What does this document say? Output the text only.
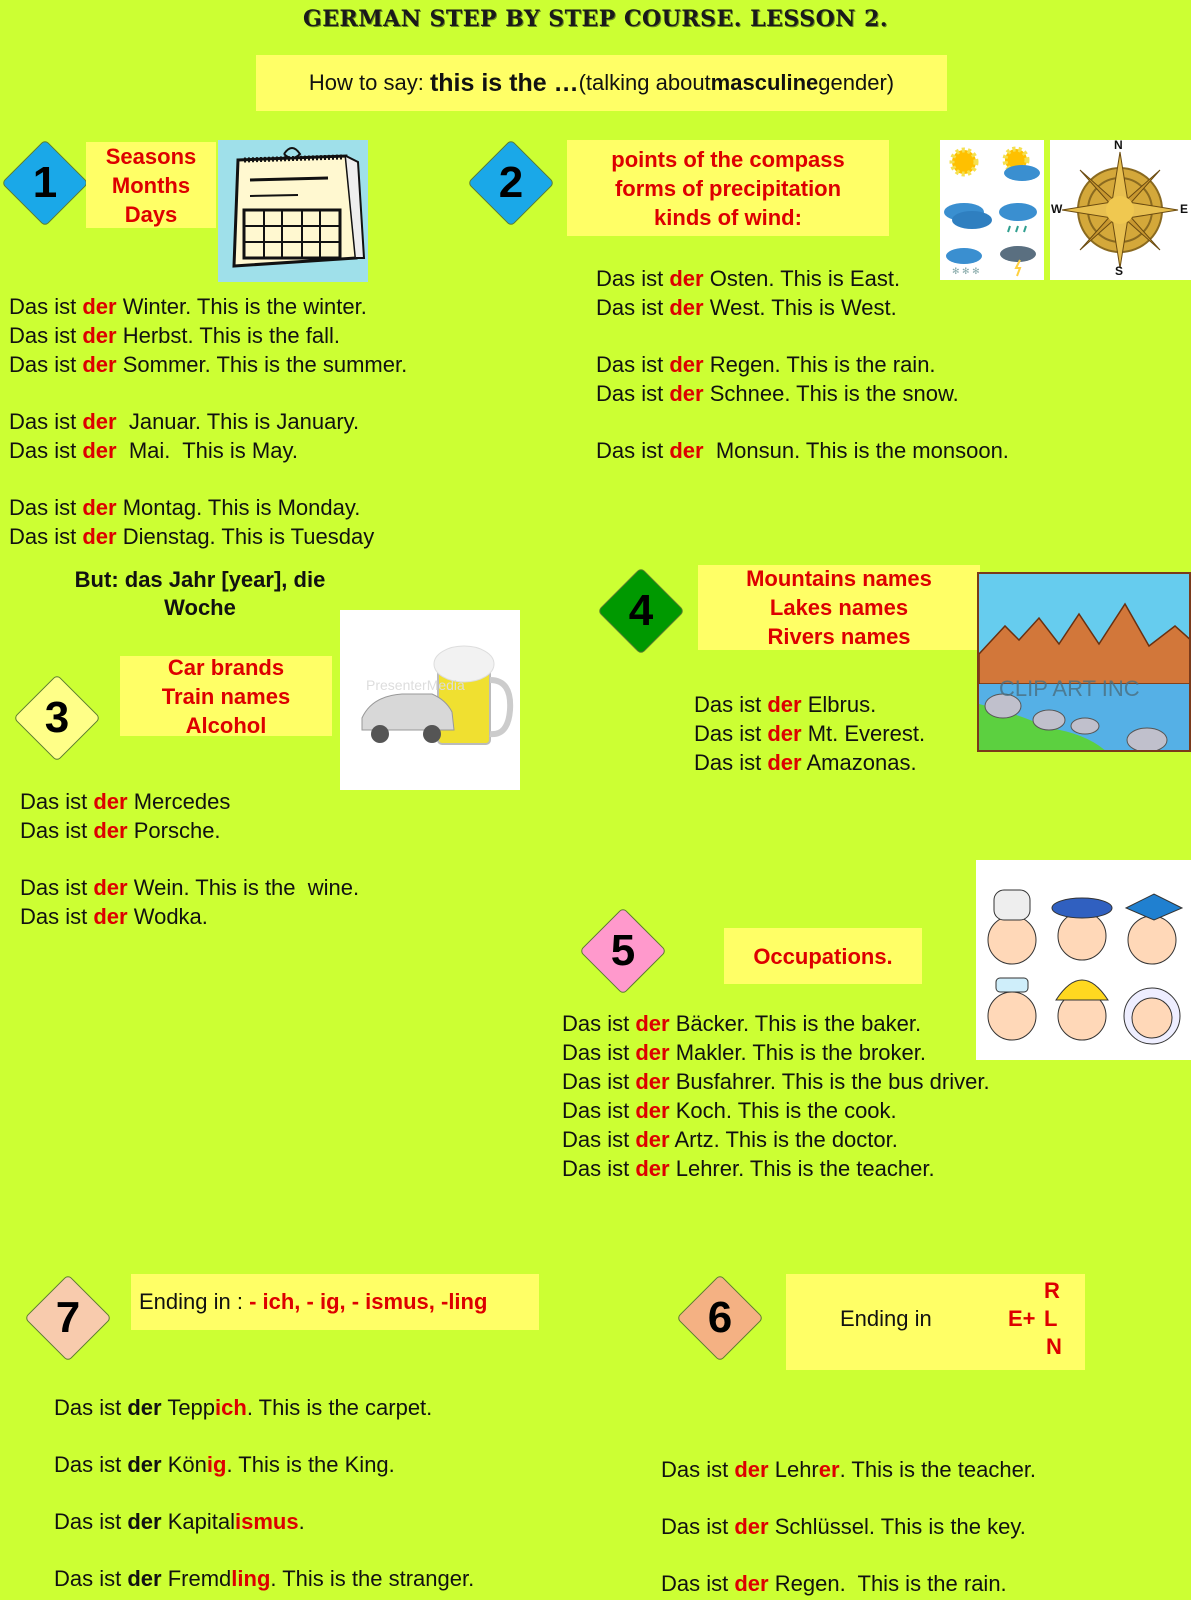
GERMAN STEP BY STEP COURSE. LESSON 2.
How to say:
this is the … (talking about masculine gender)
1
Seasons
Months
Days
Das ist der Winter. This is the winter.
Das ist der Herbst. This is the fall.
Das ist der Sommer. This is the summer.
Das ist der  Januar. This is January.
Das ist der  Mai.  This is May.
Das ist der Montag. This is Monday.
Das ist der Dienstag. This is Tuesday
But: das Jahr [year], die
Woche
2	points of the compass
forms of precipitation
kinds of wind:
✻ ✻ ✻
N
S
W	E
Das ist der Osten. This is East.
Das ist der West. This is West.
Das ist der Regen. This is the rain.
Das ist der Schnee. This is the snow.
Das ist der  Monsun. This is the monsoon.
3
Car brands
Train names
Alcohol
PresenterMedia
Das ist der Mercedes
Das ist der Porsche.
Das ist der Wein. This is the  wine.
Das ist der Wodka.
4
Mountains names
Lakes names
Rivers names
CLIP ART INC
Das ist der Elbrus.
Das ist der Mt. Everest.
Das ist der Amazonas.
5	Occupations.
Das ist der Bäcker. This is the baker.
Das ist der Makler. This is the broker.
Das ist der Busfahrer. This is the bus driver.
Das ist der Koch. This is the cook.
Das ist der Artz. This is the doctor.
Das ist der Lehrer. This is the teacher.
7	Ending in : - ich, - ig, - ismus, -ling
Das ist der Teppich. This is the carpet.
Das ist der König. This is the King.
Das ist der Kapitalismus.
Das ist der Fremdling. This is the stranger.
6	Ending in	E+
R
L
N
Das ist der Lehrer. This is the teacher.
Das ist der Schlüssel. This is the key.
Das ist der Regen.  This is the rain.
